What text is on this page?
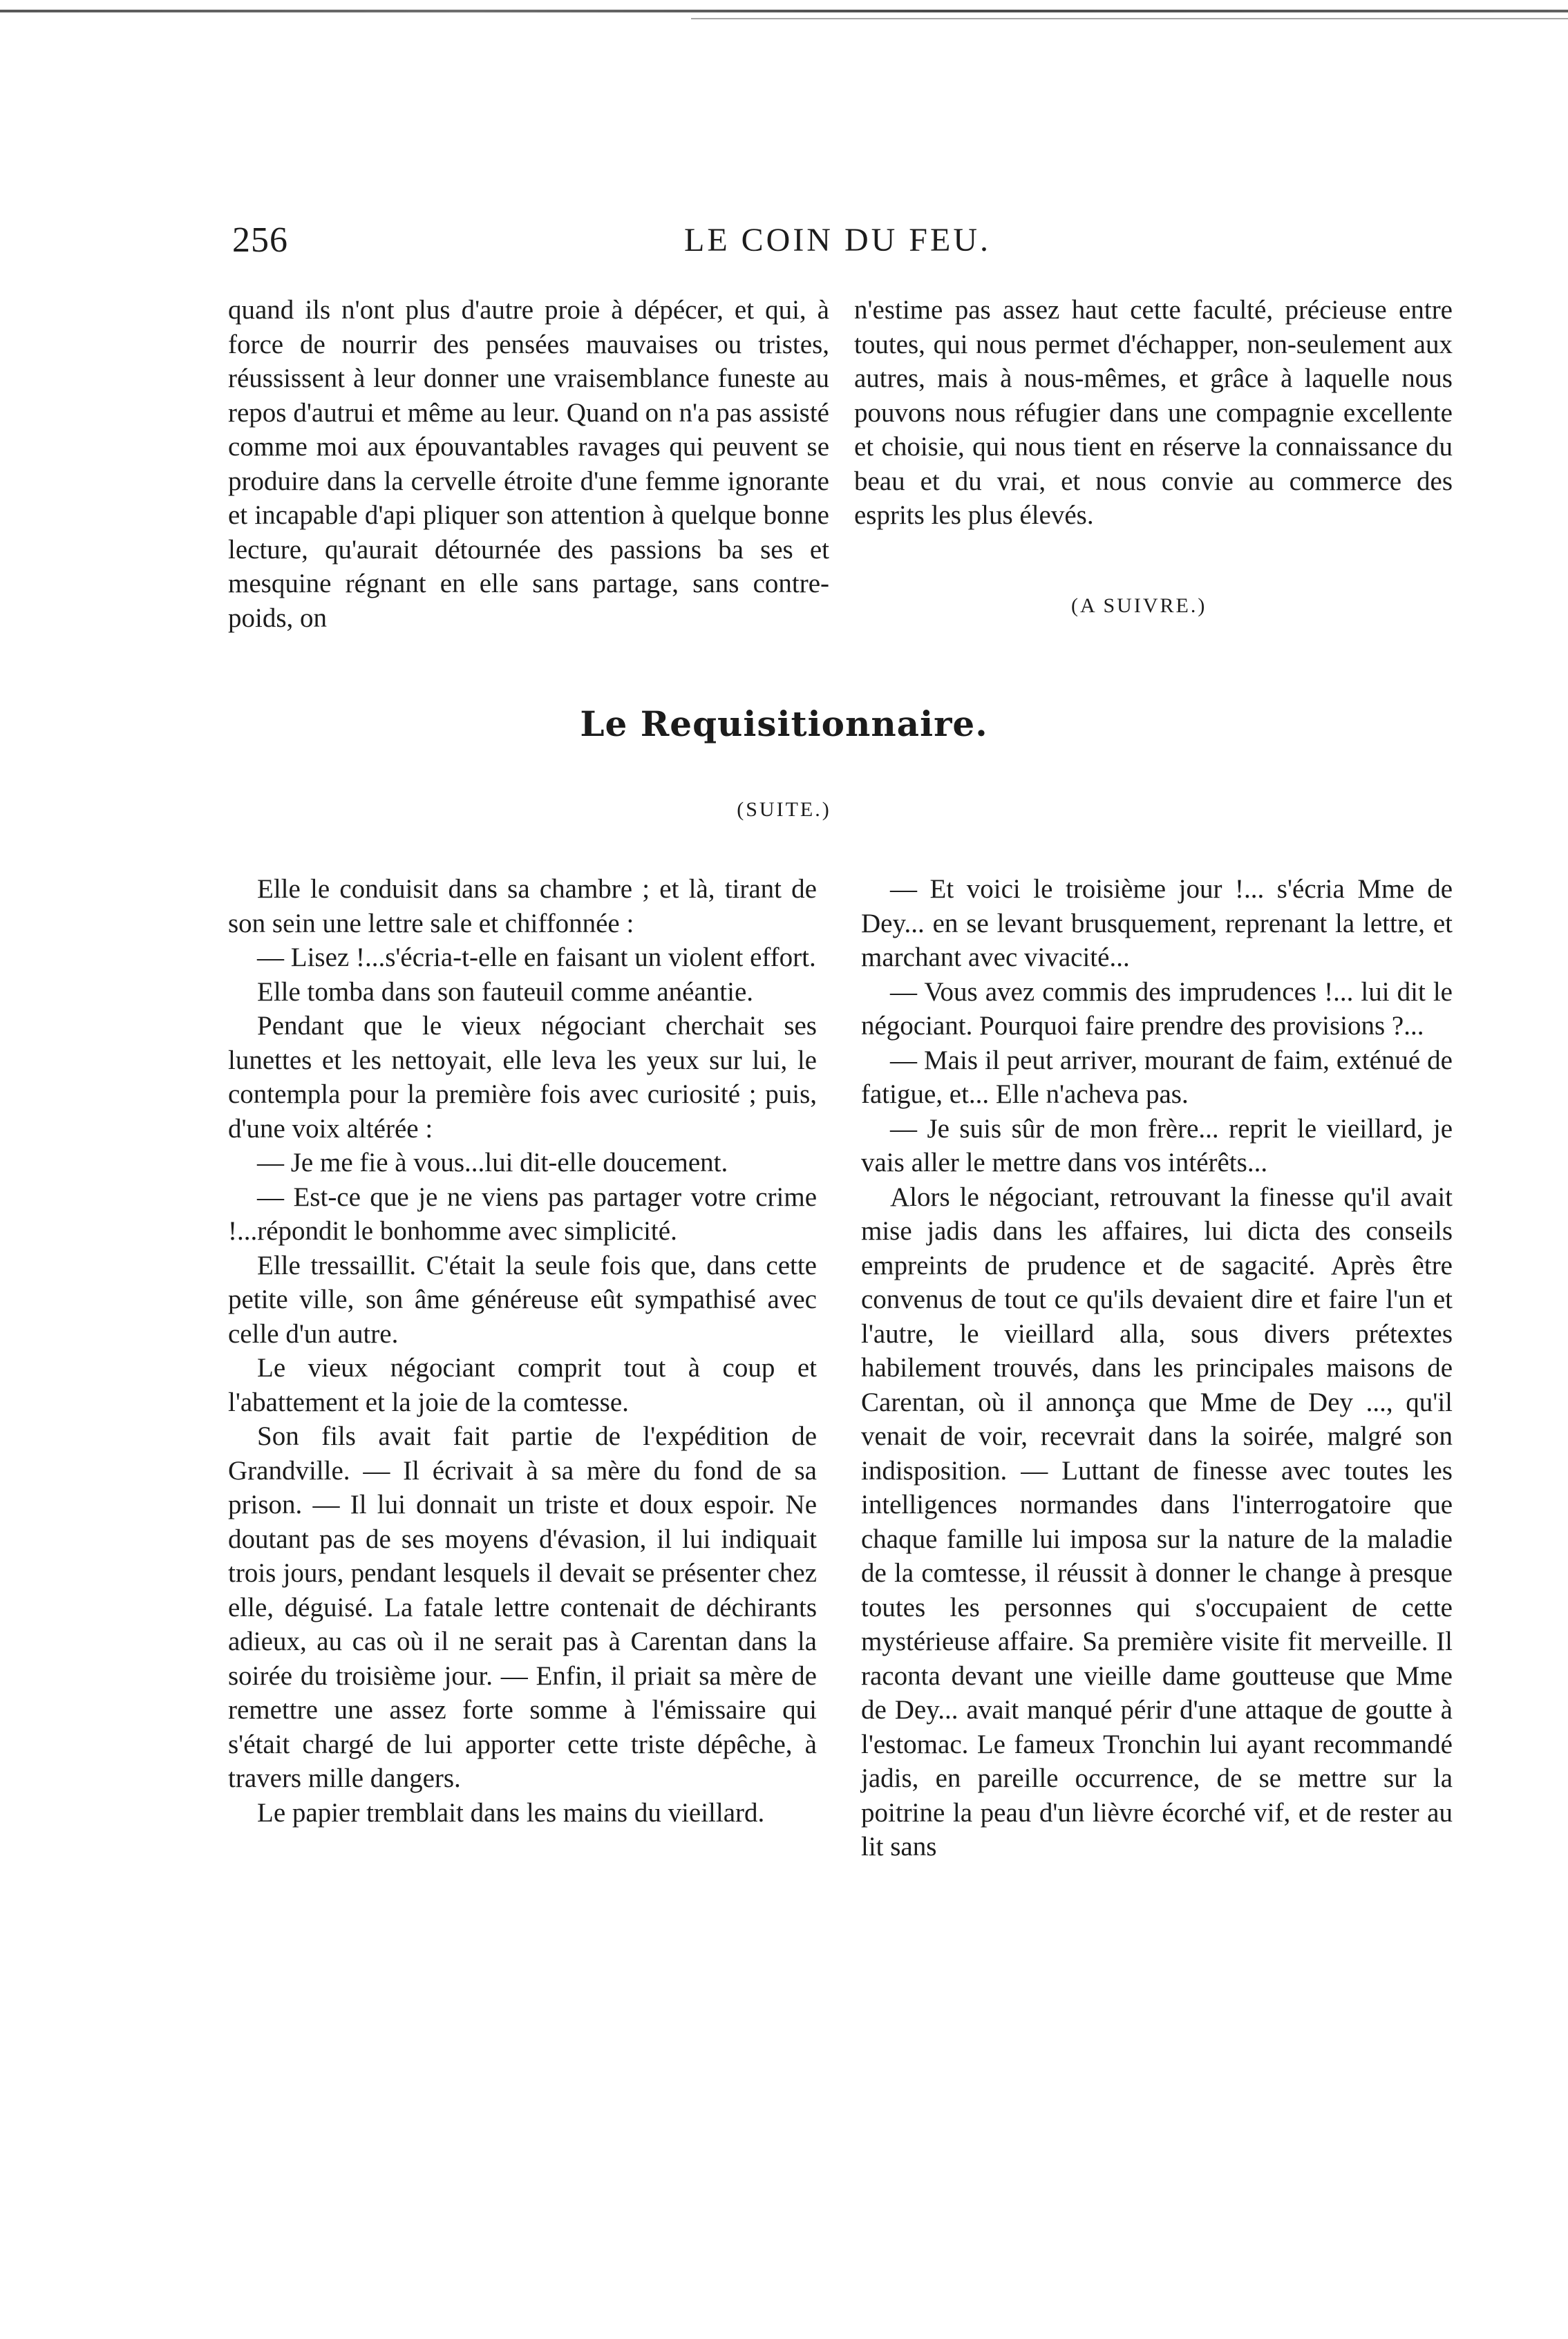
256	LE COIN DU FEU.

quand ils n'ont plus d'autre proie à dépécer, et qui, à force de nourrir des pensées mauvaises ou tristes, réussissent à leur donner une vraisemblance funeste au repos d'autrui et même au leur. Quand on n'a pas assisté comme moi aux épouvantables ravages qui peuvent se produire dans la cervelle étroite d'une femme ignorante et incapable d'api pliquer son attention à quelque bonne lecture, qu'aurait détournée des passions ba ses et mesquine régnant en elle sans partage, sans contre-poids, on

n'estime pas assez haut cette faculté, précieuse entre toutes, qui nous permet d'échapper, non-seulement aux autres, mais à nous-mêmes, et grâce à laquelle nous pouvons nous réfugier dans une compagnie excellente et choisie, qui nous tient en réserve la connaissance du beau et du vrai, et nous convie au commerce des esprits les plus élevés.

(A SUIVRE.)
Le Requisitionnaire.
(SUITE.)

Elle le conduisit dans sa chambre ; et là, tirant de son sein une lettre sale et chiffonnée :

— Lisez !...s'écria-t-elle en faisant un violent effort.

Elle tomba dans son fauteuil comme anéantie.

Pendant que le vieux négociant cherchait ses lunettes et les nettoyait, elle leva les yeux sur lui, le contempla pour la première fois avec curiosité ; puis, d'une voix altérée :

— Je me fie à vous...lui dit-elle doucement.

— Est-ce que je ne viens pas partager votre crime !...répondit le bonhomme avec simplicité.

Elle tressaillit. C'était la seule fois que, dans cette petite ville, son âme généreuse eût sympathisé avec celle d'un autre.

Le vieux négociant comprit tout à coup et l'abattement et la joie de la comtesse.

Son fils avait fait partie de l'expédition de Grandville. — Il écrivait à sa mère du fond de sa prison. — Il lui donnait un triste et doux espoir. Ne doutant pas de ses moyens d'évasion, il lui indiquait trois jours, pendant lesquels il devait se présenter chez elle, déguisé. La fatale lettre contenait de déchirants adieux, au cas où il ne serait pas à Carentan dans la soirée du troisième jour. — Enfin, il priait sa mère de remettre une assez forte somme à l'émissaire qui s'était chargé de lui apporter cette triste dépêche, à travers mille dangers.

Le papier tremblait dans les mains du vieillard.

— Et voici le troisième jour !... s'écria Mme de Dey... en se levant brusquement, reprenant la lettre, et marchant avec vivacité...

— Vous avez commis des imprudences !... lui dit le négociant. Pourquoi faire prendre des provisions ?...

— Mais il peut arriver, mourant de faim, exténué de fatigue, et... Elle n'acheva pas.

— Je suis sûr de mon frère... reprit le vieillard, je vais aller le mettre dans vos intérêts...

Alors le négociant, retrouvant la finesse qu'il avait mise jadis dans les affaires, lui dicta des conseils empreints de prudence et de sagacité. Après être convenus de tout ce qu'ils devaient dire et faire l'un et l'autre, le vieillard alla, sous divers prétextes habilement trouvés, dans les principales maisons de Carentan, où il annonça que Mme de Dey ..., qu'il venait de voir, recevrait dans la soirée, malgré son indisposition. — Luttant de finesse avec toutes les intelligences normandes dans l'interrogatoire que chaque famille lui imposa sur la nature de la maladie de la comtesse, il réussit à donner le change à presque toutes les personnes qui s'occupaient de cette mystérieuse affaire. Sa première visite fit merveille. Il raconta devant une vieille dame goutteuse que Mme de Dey... avait manqué périr d'une attaque de goutte à l'estomac. Le fameux Tronchin lui ayant recommandé jadis, en pareille occurrence, de se mettre sur la poitrine la peau d'un lièvre écorché vif, et de rester au lit sans
